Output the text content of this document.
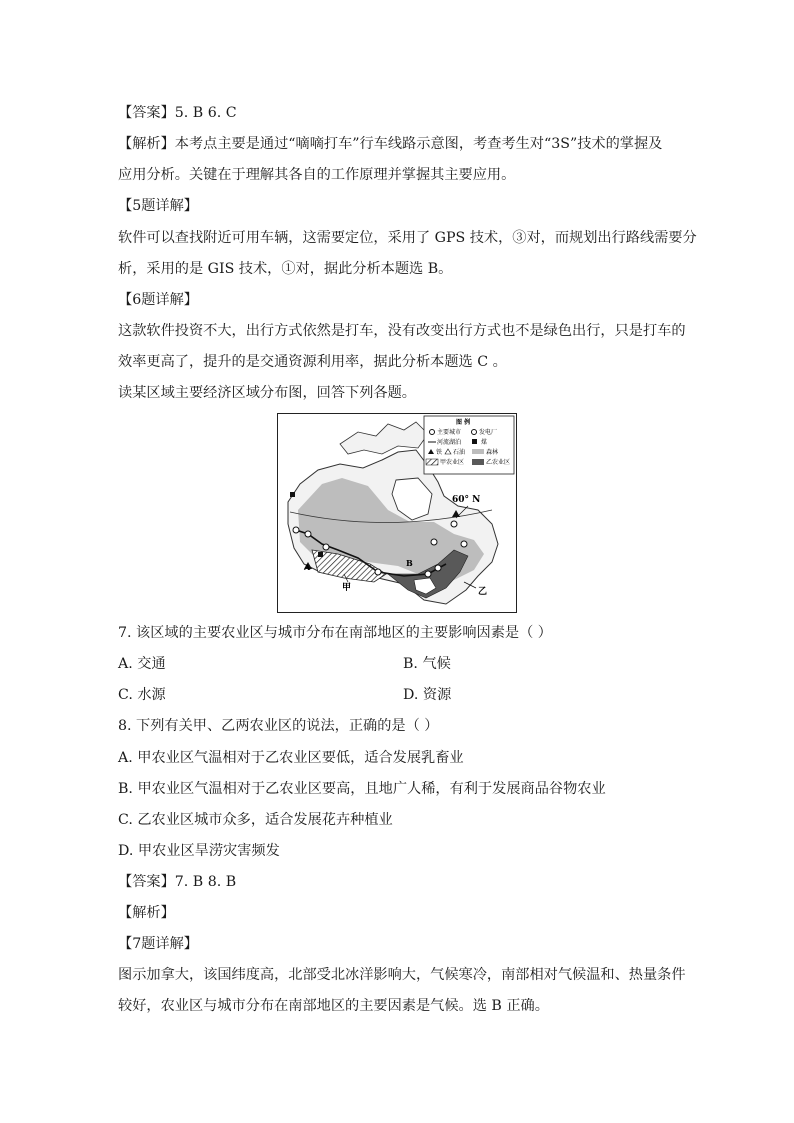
【答案】5. B 6. C
【解析】本考点主要是通过“嘀嘀打车”行车线路示意图，考查考生对“3S”技术的掌握及
应用分析。关键在于理解其各自的工作原理并掌握其主要应用。
【5题详解】
软件可以查找附近可用车辆，这需要定位，采用了 GPS 技术，③对，而规划出行路线需要分
析，采用的是 GIS 技术，①对，据此分析本题选 B。
【6题详解】
这款软件投资不大，出行方式依然是打车，没有改变出行方式也不是绿色出行，只是打车的
效率更高了，提升的是交通资源利用率，据此分析本题选 C 。
读某区域主要经济区域分布图，回答下列各题。
图 例
主要城市	发电厂
河流湖泊	煤
铁 石油	森林
甲农业区	乙农业区
60° N
A	B
甲	乙
7. 该区域的主要农业区与城市分布在南部地区的主要影响因素是（ ）
A. 交通	B. 气候
C. 水源	D. 资源
8. 下列有关甲、乙两农业区的说法，正确的是（ ）
A. 甲农业区气温相对于乙农业区要低，适合发展乳畜业
B. 甲农业区气温相对于乙农业区要高，且地广人稀，有利于发展商品谷物农业
C. 乙农业区城市众多，适合发展花卉种植业
D. 甲农业区旱涝灾害频发
【答案】7. B 8. B
【解析】
【7题详解】
图示加拿大，该国纬度高，北部受北冰洋影响大，气候寒冷，南部相对气候温和、热量条件
较好，农业区与城市分布在南部地区的主要因素是气候。选 B 正确。
